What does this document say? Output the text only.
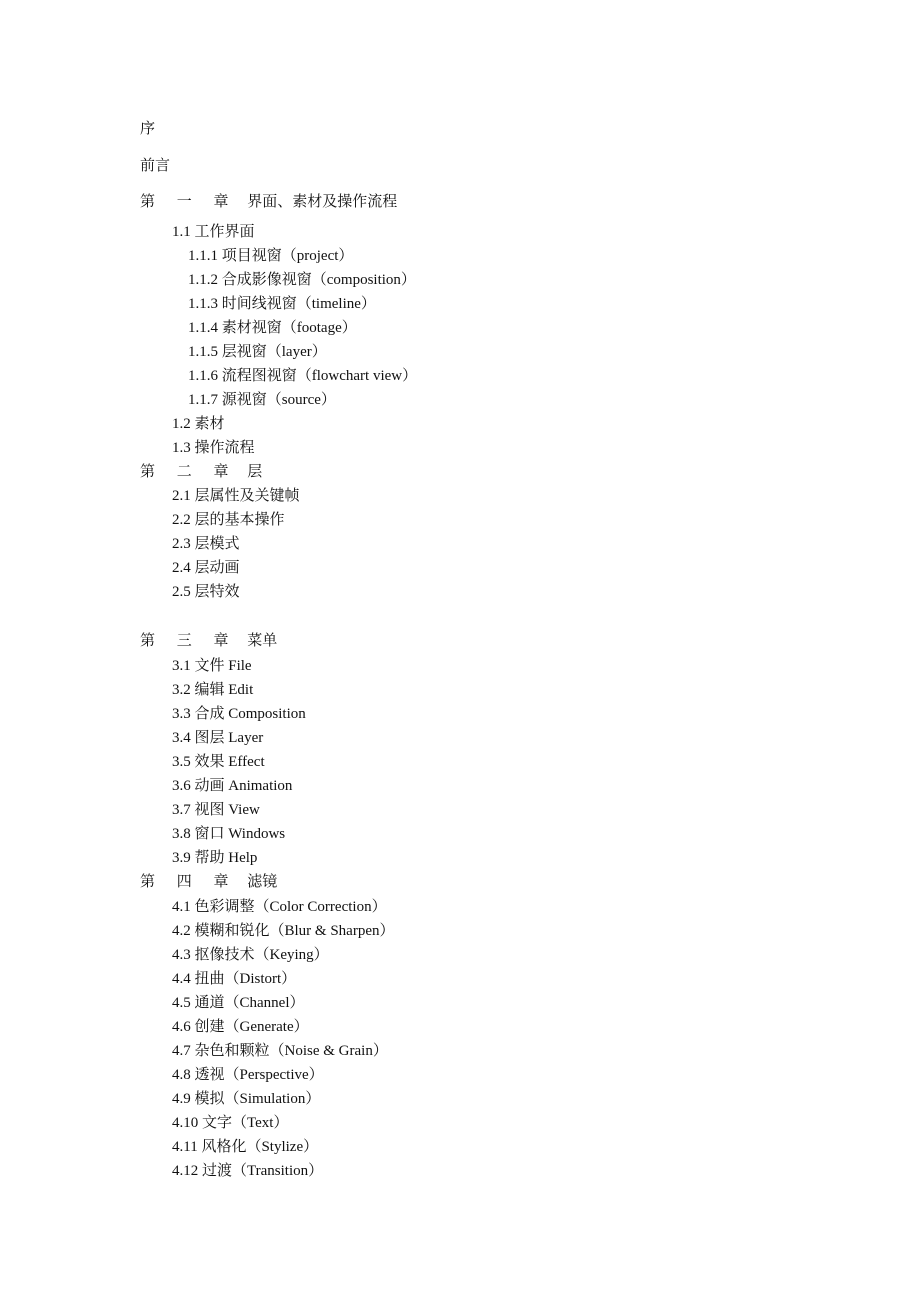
序
前言
第 一 章 界面、素材及操作流程
1.1 工作界面
1.1.1 项目视窗（project）
1.1.2 合成影像视窗（composition）
1.1.3 时间线视窗（timeline）
1.1.4 素材视窗（footage）
1.1.5 层视窗（layer）
1.1.6 流程图视窗（flowchart view）
1.1.7 源视窗（source）
1.2 素材
1.3 操作流程
第 二 章 层
2.1 层属性及关键帧
2.2 层的基本操作
2.3 层模式
2.4 层动画
2.5 层特效
第 三 章 菜单
3.1 文件 File
3.2 编辑 Edit
3.3 合成 Composition
3.4 图层 Layer
3.5 效果 Effect
3.6 动画 Animation
3.7 视图 View
3.8 窗口 Windows
3.9 帮助 Help
第 四 章 滤镜
4.1 色彩调整（Color Correction）
4.2 模糊和锐化（Blur & Sharpen）
4.3 抠像技术（Keying）
4.4 扭曲（Distort）
4.5 通道（Channel）
4.6 创建（Generate）
4.7 杂色和颗粒（Noise & Grain）
4.8 透视（Perspective）
4.9 模拟（Simulation）
4.10 文字（Text）
4.11 风格化（Stylize）
4.12 过渡（Transition）
